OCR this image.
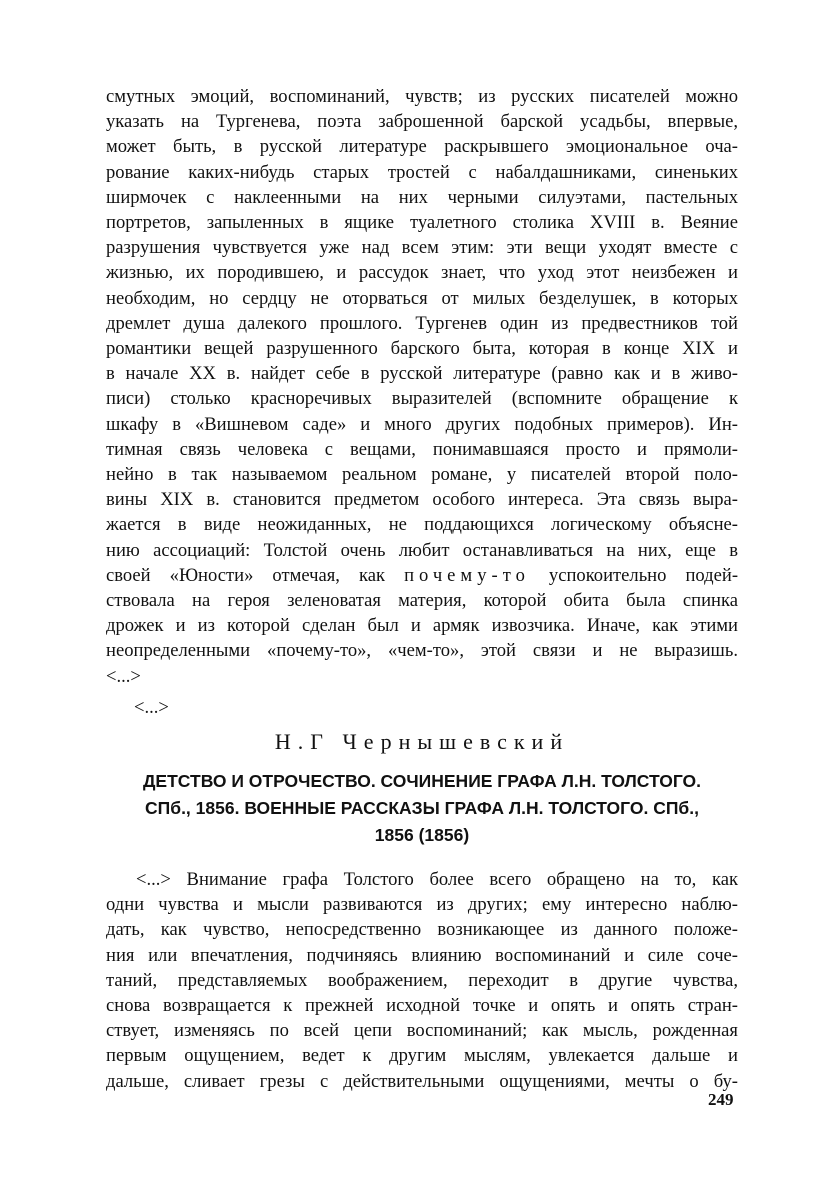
смутных эмоций, воспоминаний, чувств; из русских писателей можно
указать на Тургенева, поэта заброшенной барской усадьбы, впервые,
может быть, в русской литературе раскрывшего эмоциональное оча-
рование каких-нибудь старых тростей с набалдашниками, синеньких
ширмочек с наклеенными на них черными силуэтами, пастельных
портретов, запыленных в ящике туалетного столика XVIII в. Веяние
разрушения чувствуется уже над всем этим: эти вещи уходят вместе с
жизнью, их породившею, и рассудок знает, что уход этот неизбежен и
необходим, но сердцу не оторваться от милых безделушек, в которых
дремлет душа далекого прошлого. Тургенев один из предвестников той
романтики вещей разрушенного барского быта, которая в конце XIX и
в начале XX в. найдет себе в русской литературе (равно как и в живо-
писи) столько красноречивых выразителей (вспомните обращение к
шкафу в «Вишневом саде» и много других подобных примеров). Ин-
тимная связь человека с вещами, понимавшаяся просто и прямоли-
нейно в так называемом реальном романе, у писателей второй поло-
вины XIX в. становится предметом особого интереса. Эта связь выра-
жается в виде неожиданных, не поддающихся логическому объясне-
нию ассоциаций: Толстой очень любит останавливаться на них, еще в
своей «Юности» отмечая, как почему-то успокоительно подей-
ствовала на героя зеленоватая материя, которой обита была спинка
дрожек и из которой сделан был и армяк извозчика. Иначе, как этими
неопределенными «почему-то», «чем-то», этой связи и не выразишь.
<...>
<...>
Н.Г Чернышевский
ДЕТСТВО И ОТРОЧЕСТВО. СОЧИНЕНИЕ ГРАФА Л.Н. ТОЛСТОГО.
СПб., 1856. ВОЕННЫЕ РАССКАЗЫ ГРАФА Л.Н. ТОЛСТОГО. СПб.,
1856 (1856)
<...> Внимание графа Толстого более всего обращено на то, как
одни чувства и мысли развиваются из других; ему интересно наблю-
дать, как чувство, непосредственно возникающее из данного положе-
ния или впечатления, подчиняясь влиянию воспоминаний и силе соче-
таний, представляемых воображением, переходит в другие чувства,
снова возвращается к прежней исходной точке и опять и опять стран-
ствует, изменяясь по всей цепи воспоминаний; как мысль, рожденная
первым ощущением, ведет к другим мыслям, увлекается дальше и
дальше, сливает грезы с действительными ощущениями, мечты о бу-
249
